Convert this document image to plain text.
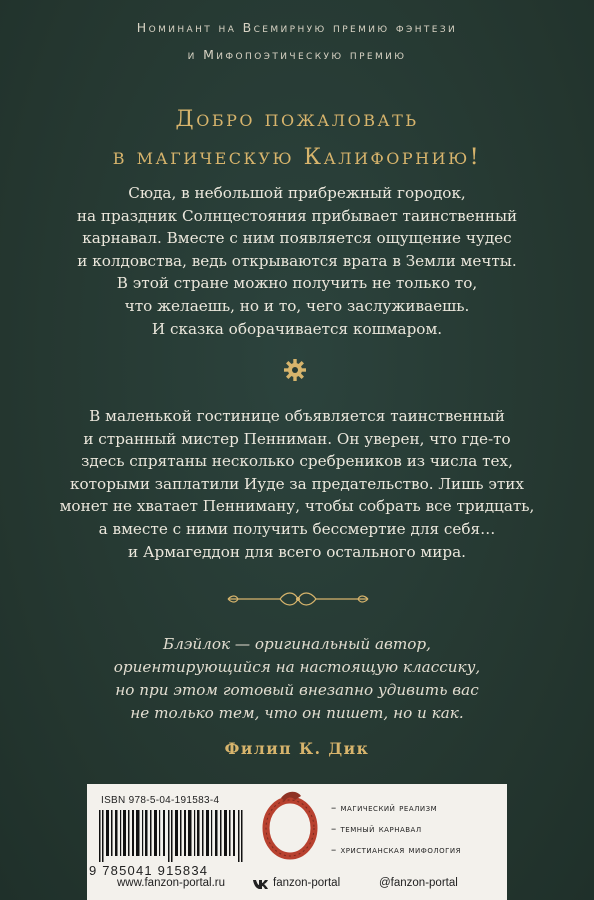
Номинант на Всемирную премию фэнтези
и Мифопоэтическую премию
Добро пожаловать
в магическую Калифорнию!
Сюда, в небольшой прибрежный городок,
на праздник Солнцестояния прибывает таинственный
карнавал. Вместе с ним появляется ощущение чудес
и колдовства, ведь открываются врата в Земли мечты.
В этой стране можно получить не только то,
что желаешь, но и то, чего заслуживаешь.
И сказка оборачивается кошмаром.
В маленькой гостинице объявляется таинственный
и странный мистер Пенниман. Он уверен, что где-то
здесь спрятаны несколько сребреников из числа тех,
которыми заплатили Иуде за предательство. Лишь этих
монет не хватает Пенниману, чтобы собрать все тридцать,
а вместе с ними получить бессмертие для себя…
и Армагеддон для всего остального мира.
Блэйлок — оригинальный автор,
ориентирующийся на настоящую классику,
но при этом готовый внезапно удивить вас
не только тем, что он пишет, но и как.
Филип К. Дик
ISBN 978-5-04-191583-4
9 785041 915834
– магический реализм
– темный карнавал
– христианская мифология
www.fanzon-portal.ru	fanzon-portal	@fanzon-portal
